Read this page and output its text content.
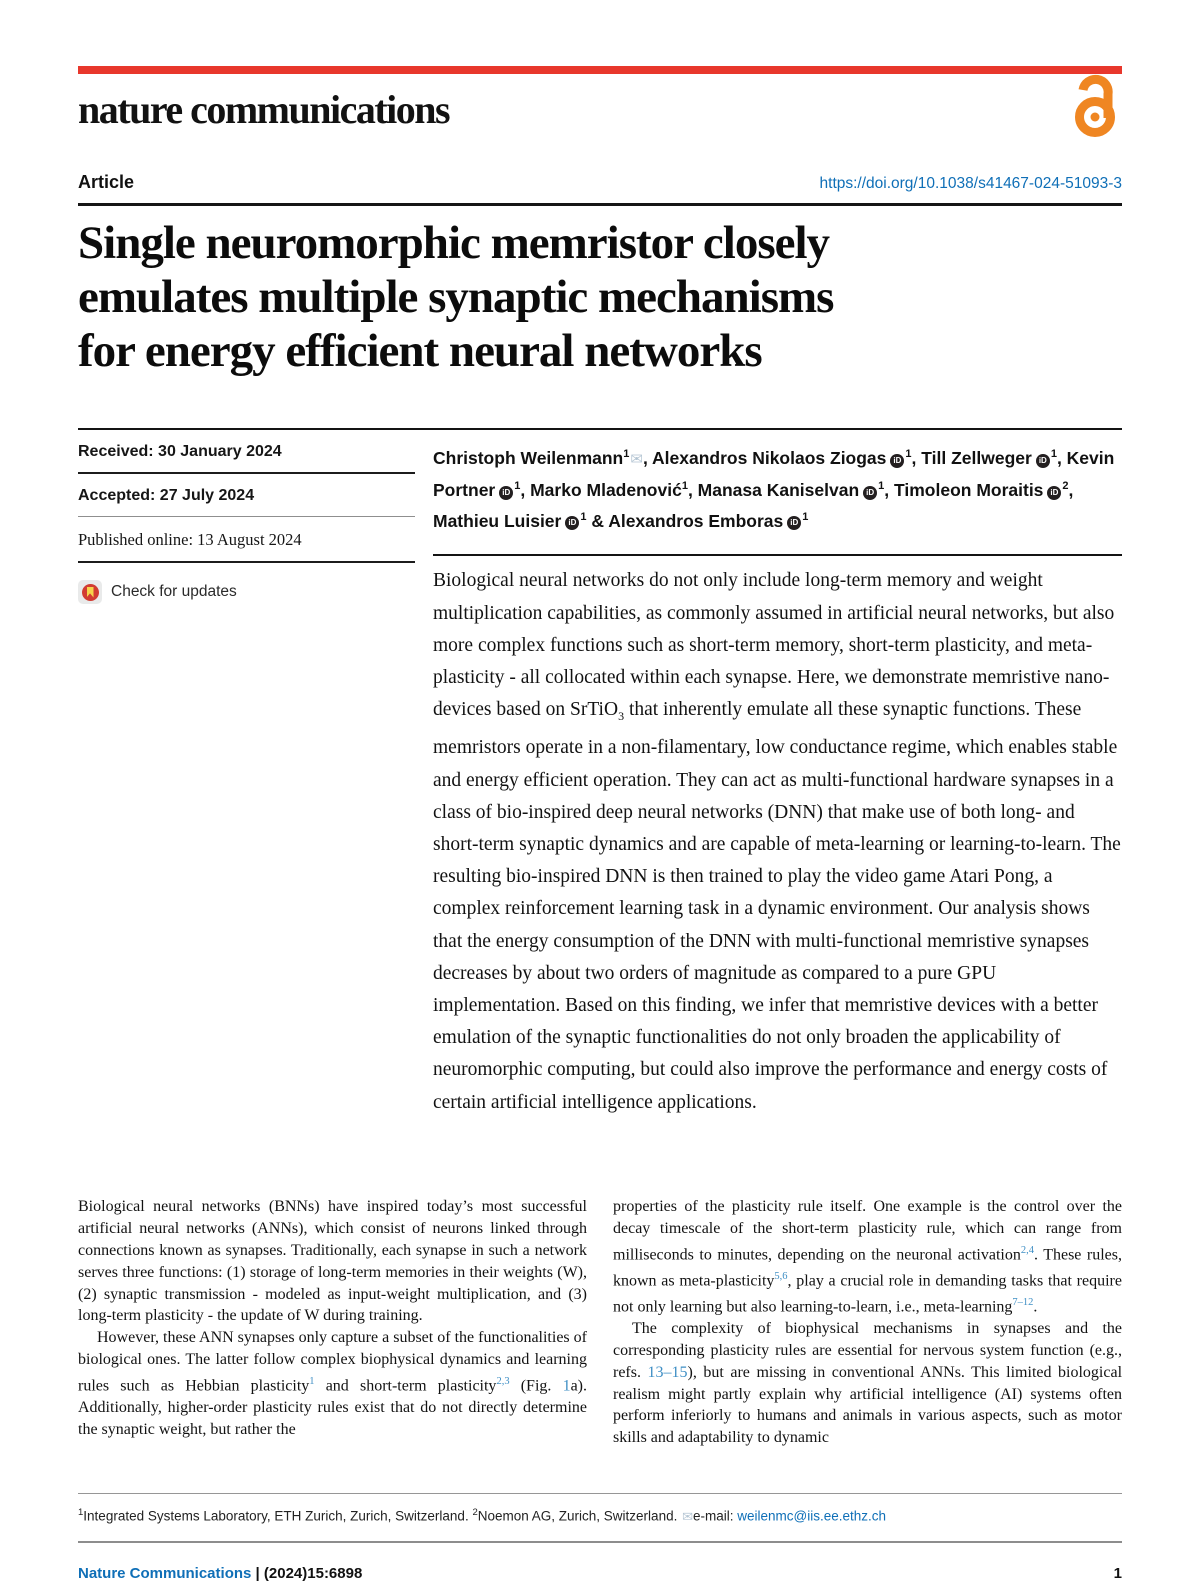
nature communications
Article	https://doi.org/10.1038/s41467-024-51093-3
Single neuromorphic memristor closely
emulates multiple synaptic mechanisms
for energy efficient neural networks
Received: 30 January 2024
Accepted: 27 July 2024
Published online: 13 August 2024
Check for updates
Christoph Weilenmann$^1$✉, Alexandros Nikolaos Ziogas $iD^1$, Till Zellweger $iD^1$, Kevin Portner $iD^1$, Marko Mladenović$^1$, Manasa Kaniselvan $iD^1$, Timoleon Moraitis $iD^2$, Mathieu Luisier $iD^1$ & Alexandros Emboras $iD^1$

Biological neural networks do not only include long-term memory and weight multiplication capabilities, as commonly assumed in artificial neural networks, but also more complex functions such as short-term memory, short-term plasticity, and meta-plasticity - all collocated within each synapse. Here, we demonstrate memristive nano-devices based on SrTiO$_3$ that inherently emulate all these synaptic functions. These memristors operate in a non-filamentary, low conductance regime, which enables stable and energy efficient operation. They can act as multi-functional hardware synapses in a class of bio-inspired deep neural networks (DNN) that make use of both long- and short-term synaptic dynamics and are capable of meta-learning or learning-to-learn. The resulting bio-inspired DNN is then trained to play the video game Atari Pong, a complex reinforcement learning task in a dynamic environment. Our analysis shows that the energy consumption of the DNN with multi-functional memristive synapses decreases by about two orders of magnitude as compared to a pure GPU implementation. Based on this finding, we infer that memristive devices with a better emulation of the synaptic functionalities do not only broaden the applicability of neuromorphic computing, but could also improve the performance and energy costs of certain artificial intelligence applications.

Biological neural networks (BNNs) have inspired today’s most successful artificial neural networks (ANNs), which consist of neurons linked through connections known as synapses. Traditionally, each synapse in such a network serves three functions: (1) storage of long-term memories in their weights (W), (2) synaptic transmission - modeled as input-weight multiplication, and (3) long-term plasticity - the update of W during training.

However, these ANN synapses only capture a subset of the functionalities of biological ones. The latter follow complex biophysical dynamics and learning rules such as Hebbian plasticity$^1$ and short-term plasticity$^{2,3}$ (Fig. 1a). Additionally, higher-order plasticity rules exist that do not directly determine the synaptic weight, but rather the

properties of the plasticity rule itself. One example is the control over the decay timescale of the short-term plasticity rule, which can range from milliseconds to minutes, depending on the neuronal activation$^{2,4}$. These rules, known as meta-plasticity$^{5,6}$, play a crucial role in demanding tasks that require not only learning but also learning-to-learn, i.e., meta-learning$^{7-12}$.

The complexity of biophysical mechanisms in synapses and the corresponding plasticity rules are essential for nervous system function (e.g., refs. 13–15), but are missing in conventional ANNs. This limited biological realism might partly explain why artificial intelligence (AI) systems often perform inferiorly to humans and animals in various aspects, such as motor skills and adaptability to dynamic

$^1$Integrated Systems Laboratory, ETH Zurich, Zurich, Switzerland. $^2$Noemon AG, Zurich, Switzerland. ✉e-mail: weilenmc@iis.ee.ethz.ch
Nature Communications | (2024)15:6898	1
